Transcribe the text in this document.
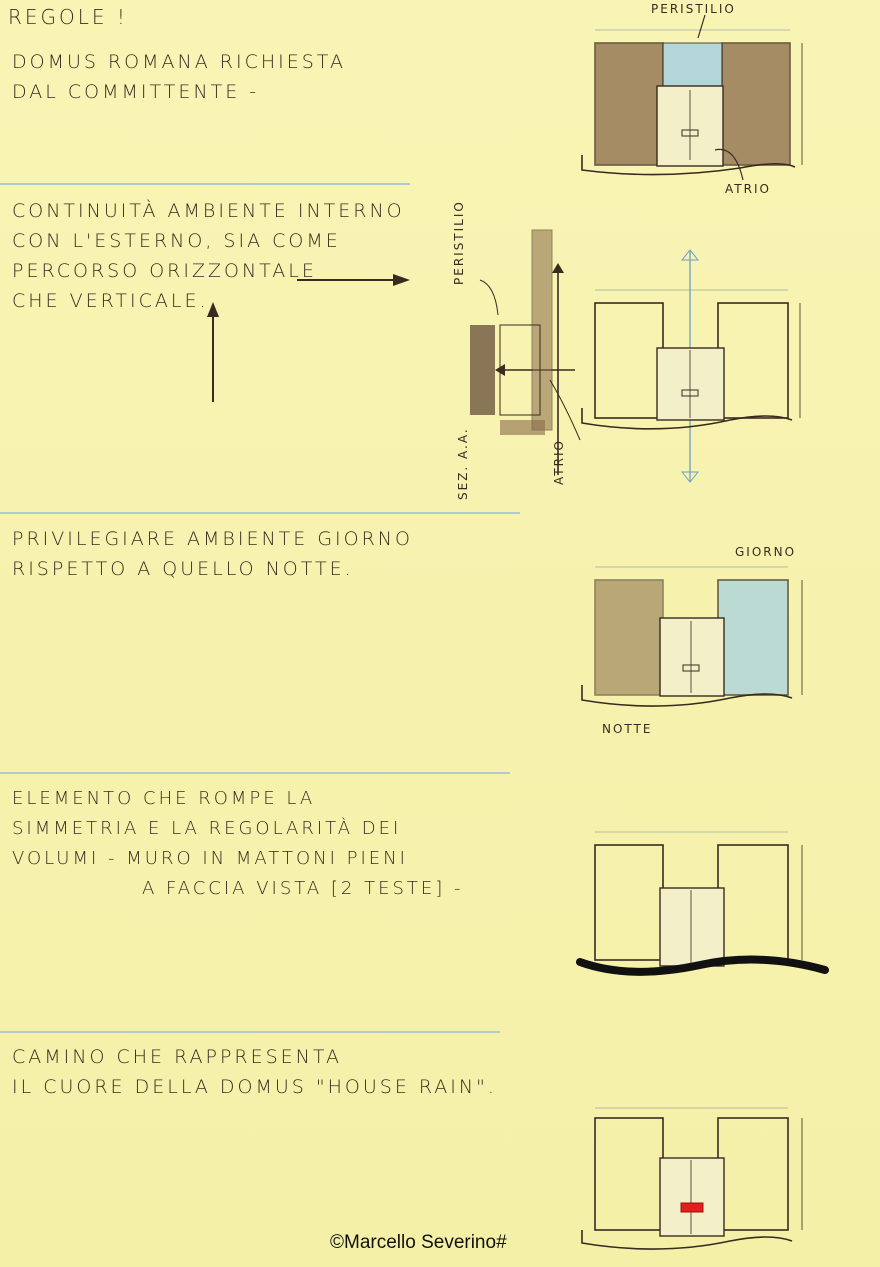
REGOLE !
DOMUS ROMANA RICHIESTA
DAL COMMITTENTE -
CONTINUITÀ AMBIENTE INTERNO
CON L'ESTERNO, SIA COME
PERCORSO ORIZZONTALE
CHE VERTICALE.
PRIVILEGIARE AMBIENTE GIORNO
RISPETTO A QUELLO NOTTE.
ELEMENTO CHE ROMPE LA
SIMMETRIA E LA REGOLARITÀ DEI
VOLUMI - MURO IN MATTONI PIENI
A FACCIA VISTA [2 TESTE] -
CAMINO CHE RAPPRESENTA
IL CUORE DELLA DOMUS "HOUSE RAIN".
PERISTILIO
ATRIO
PERISTILIO
ATRIO
SEZ. A.A.
GIORNO
NOTTE
©Marcello Severino#
